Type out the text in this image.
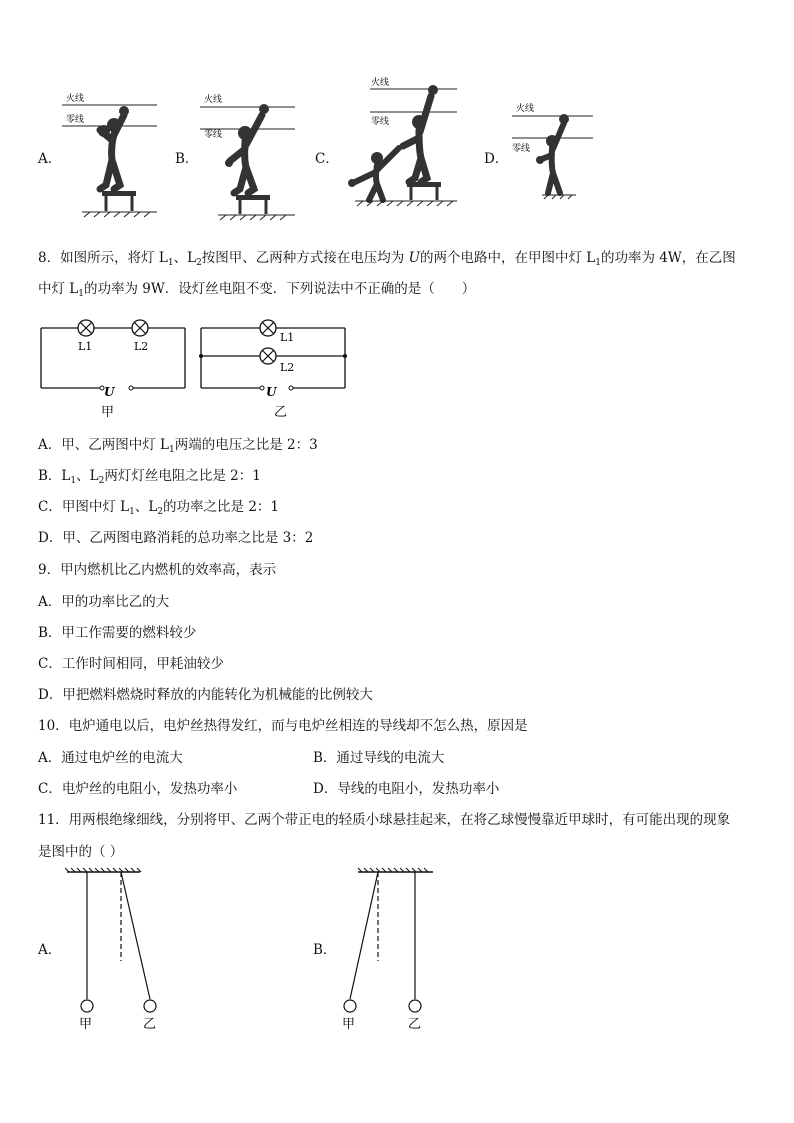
A．
火线
零线
B．
火线
零线
C．
火线
零线
D．
火线
零线
8．如图所示，将灯 $L_1$、$L_2$按图甲、乙两种方式接在电压均为 U的两个电路中，在甲图中灯 $L_1$的功率为 4W，在乙图
中灯 $L_1$的功率为 9W．设灯丝电阻不变．下列说法中不正确的是（　　）
L1	L2
U
甲
L1
L2
U
乙
A．甲、乙两图中灯 $L_1$两端的电压之比是 2：3
B．$L_1$、$L_2$两灯灯丝电阻之比是 2：1
C．甲图中灯 $L_1$、$L_2$的功率之比是 2：1
D．甲、乙两图电路消耗的总功率之比是 3：2
9．甲内燃机比乙内燃机的效率高，表示
A．甲的功率比乙的大
B．甲工作需要的燃料较少
C．工作时间相同，甲耗油较少
D．甲把燃料燃烧时释放的内能转化为机械能的比例较大
10．电炉通电以后，电炉丝热得发红，而与电炉丝相连的导线却不怎么热，原因是
A．通过电炉丝的电流大	B．通过导线的电流大
C．电炉丝的电阻小，发热功率小	D．导线的电阻小，发热功率小
11．用两根绝缘细线，分别将甲、乙两个带正电的轻质小球悬挂起来，在将乙球慢慢靠近甲球时，有可能出现的现象
是图中的（ ）
A．
甲	乙
B．
甲	乙
